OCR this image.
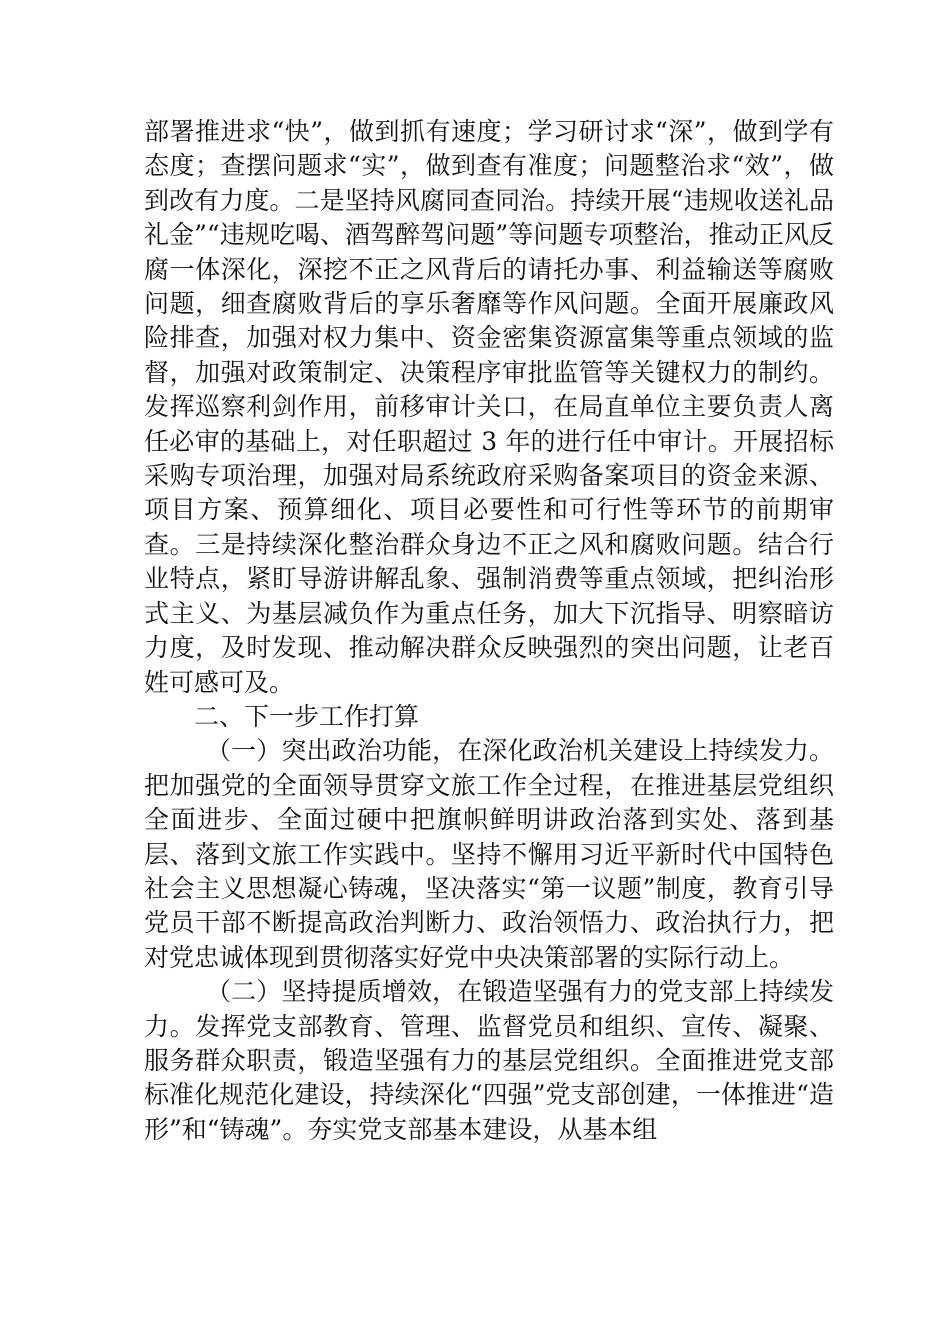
部署推进求“快”，做到抓有速度；学习研讨求“深”，做到学有态度；查摆问题求“实”，做到查有准度；问题整治求“效”，做到改有力度。二是坚持风腐同查同治。持续开展“违规收送礼品礼金”“违规吃喝、酒驾醉驾问题”等问题专项整治，推动正风反腐一体深化，深挖不正之风背后的请托办事、利益输送等腐败问题，细查腐败背后的享乐奢靡等作风问题。全面开展廉政风险排查，加强对权力集中、资金密集资源富集等重点领域的监督，加强对政策制定、决策程序审批监管等关键权力的制约。发挥巡察利剑作用，前移审计关口，在局直单位主要负责人离任必审的基础上，对任职超过 3 年的进行任中审计。开展招标采购专项治理，加强对局系统政府采购备案项目的资金来源、项目方案、预算细化、项目必要性和可行性等环节的前期审查。三是持续深化整治群众身边不正之风和腐败问题。结合行业特点，紧盯导游讲解乱象、强制消费等重点领域，把纠治形式主义、为基层减负作为重点任务，加大下沉指导、明察暗访力度，及时发现、推动解决群众反映强烈的突出问题，让老百姓可感可及。

二、下一步工作打算

（一）突出政治功能，在深化政治机关建设上持续发力。把加强党的全面领导贯穿文旅工作全过程，在推进基层党组织全面进步、全面过硬中把旗帜鲜明讲政治落到实处、落到基层、落到文旅工作实践中。坚持不懈用习近平新时代中国特色社会主义思想凝心铸魂，坚决落实“第一议题”制度，教育引导党员干部不断提高政治判断力、政治领悟力、政治执行力，把对党忠诚体现到贯彻落实好党中央决策部署的实际行动上。

（二）坚持提质增效，在锻造坚强有力的党支部上持续发力。发挥党支部教育、管理、监督党员和组织、宣传、凝聚、服务群众职责，锻造坚强有力的基层党组织。全面推进党支部标准化规范化建设，持续深化“四强”党支部创建，一体推进“造形”和“铸魂”。夯实党支部基本建设，从基本组
